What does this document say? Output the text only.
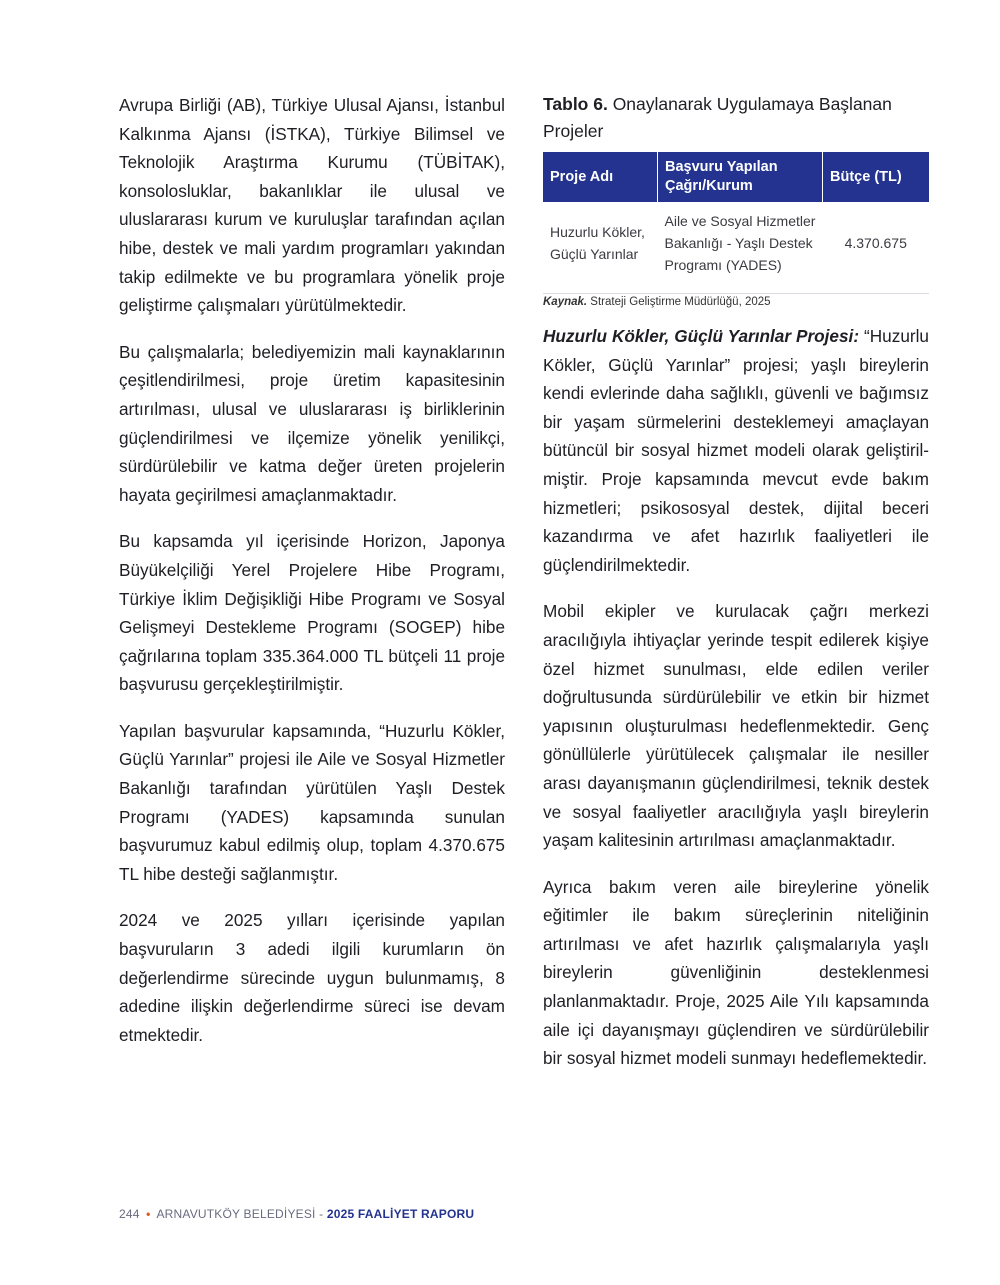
Avrupa Birliği (AB), Türkiye Ulusal Ajansı, İstanbul Kalkınma Ajansı (İSTKA), Türkiye Bilimsel ve Teknolojik Araştırma Kurumu (TÜBİTAK), konsolosluklar, bakanlıklar ile ulusal ve uluslararası kurum ve kuruluşlar tarafından açılan hibe, destek ve mali yardım programları yakından takip edilmekte ve bu programlara yönelik proje geliştirme çalışmaları yürütülmektedir.

Bu çalışmalarla; belediyemizin mali kaynaklarının çeşitlendirilmesi, proje üretim kapasitesinin artırılması, ulusal ve uluslararası iş birliklerinin güçlendirilmesi ve ilçemize yönelik yenilikçi, sürdürülebilir ve katma değer üreten projelerin hayata geçirilmesi amaçlanmaktadır.

Bu kapsamda yıl içerisinde Horizon, Japonya Büyükelçiliği Yerel Projelere Hibe Programı, Türkiye İklim Değişikliği Hibe Programı ve Sosyal Gelişmeyi Destekleme Programı (SOGEP) hibe çağrılarına toplam 335.364.000 TL bütçeli 11 proje başvurusu gerçekleştirilmiştir.

Yapılan başvurular kapsamında, “Huzurlu Kökler, Güçlü Yarınlar” projesi ile Aile ve Sosyal Hizmetler Bakanlığı tarafından yürütülen Yaşlı Destek Programı (YADES) kapsamında sunulan başvurumuz kabul edilmiş olup, toplam 4.370.675 TL hibe desteği sağlanmıştır.

2024 ve 2025 yılları içerisinde yapılan başvuruların 3 adedi ilgili kurumların ön değerlendirme sürecinde uygun bulunmamış, 8 adedine ilişkin değerlendirme süreci ise devam etmektedir.

Tablo 6. Onaylanarak Uygulamaya Başlanan Projeler

Proje Adı	Başvuru Yapılan Çağrı/Kurum	Bütçe (TL)
Huzurlu Kökler, Güçlü Yarınlar	Aile ve Sosyal Hizmetler Bakanlığı - Yaşlı Destek Programı (YADES)	4.370.675
Kaynak. Strateji Geliştirme Müdürlüğü, 2025

Huzurlu Kökler, Güçlü Yarınlar Projesi: “Huzurlu Kökler, Güçlü Yarınlar” projesi; yaşlı bireylerin kendi evlerinde daha sağlıklı, güvenli ve bağımsız bir yaşam sürmelerini desteklemeyi amaçlayan bütüncül bir sosyal hizmet modeli olarak geliştirilmiştir. Proje kapsamında mevcut evde bakım hizmetleri; psikososyal destek, dijital beceri kazandırma ve afet hazırlık faaliyetleri ile güçlendirilmektedir.

Mobil ekipler ve kurulacak çağrı merkezi aracılığıyla ihtiyaçlar yerinde tespit edilerek kişiye özel hizmet sunulması, elde edilen veriler doğrultusunda sürdürülebilir ve etkin bir hizmet yapısının oluşturulması hedeflenmektedir. Genç gönüllülerle yürütülecek çalışmalar ile nesiller arası dayanışmanın güçlendirilmesi, teknik destek ve sosyal faaliyetler aracılığıyla yaşlı bireylerin yaşam kalitesinin artırılması amaçlanmaktadır.

Ayrıca bakım veren aile bireylerine yönelik eğitimler ile bakım süreçlerinin niteliğinin artırılması ve afet hazırlık çalışmalarıyla yaşlı bireylerin güvenliğinin desteklenmesi planlanmaktadır. Proje, 2025 Aile Yılı kapsamında aile içi dayanışmayı güçlendiren ve sürdürülebilir bir sosyal hizmet modeli sunmayı hedeflemektedir.

244 • ARNAVUTKÖY BELEDİYESİ - 2025 FAALİYET RAPORU
